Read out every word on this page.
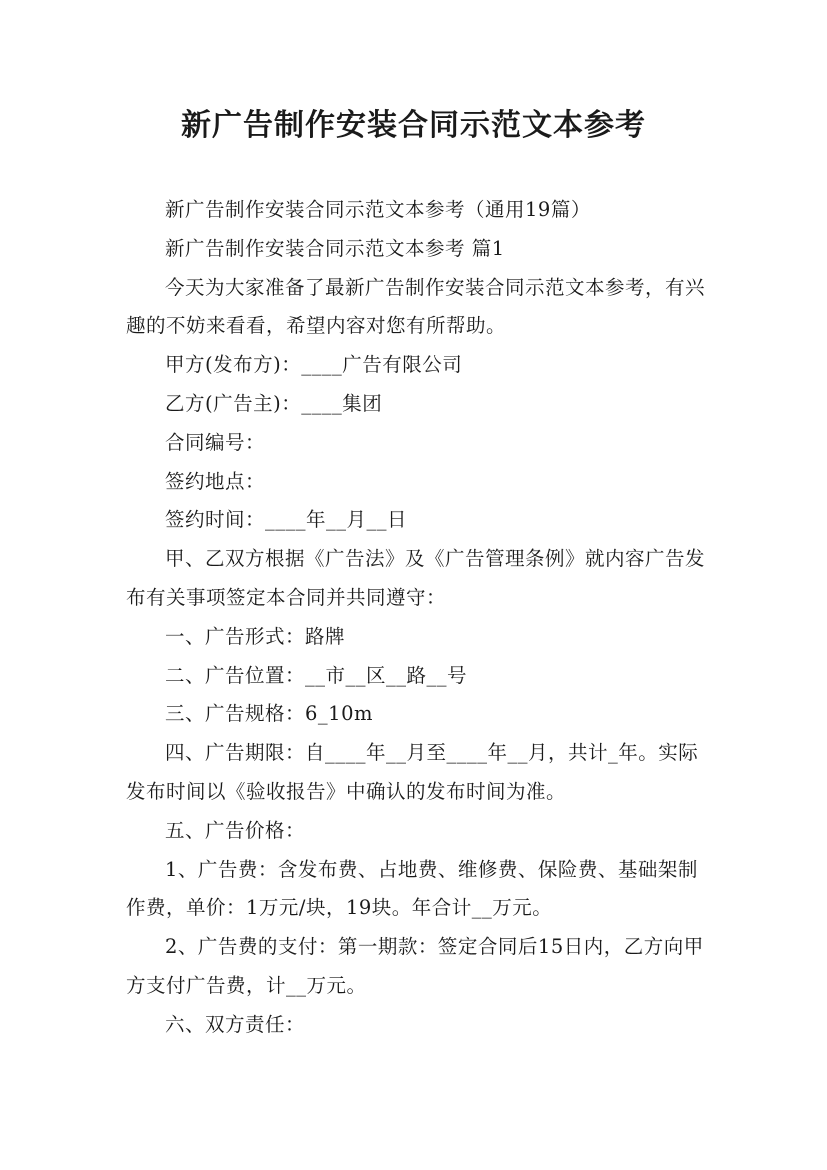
新广告制作安装合同示范文本参考

新广告制作安装合同示范文本参考（通用19篇）

新广告制作安装合同示范文本参考 篇1

今天为大家准备了最新广告制作安装合同示范文本参考，有兴趣的不妨来看看，希望内容对您有所帮助。

甲方(发布方)：____广告有限公司

乙方(广告主)：____集团

合同编号：

签约地点：

签约时间：____年__月__日

甲、乙双方根据《广告法》及《广告管理条例》就内容广告发布有关事项签定本合同并共同遵守：

一、广告形式：路牌

二、广告位置：__市__区__路__号

三、广告规格：6_10m

四、广告期限：自____年__月至____年__月，共计_年。实际发布时间以《验收报告》中确认的发布时间为准。

五、广告价格：

1、广告费：含发布费、占地费、维修费、保险费、基础架制作费，单价：1万元/块，19块。年合计__万元。

2、广告费的支付：第一期款：签定合同后15日内，乙方向甲方支付广告费，计__万元。

六、双方责任：
